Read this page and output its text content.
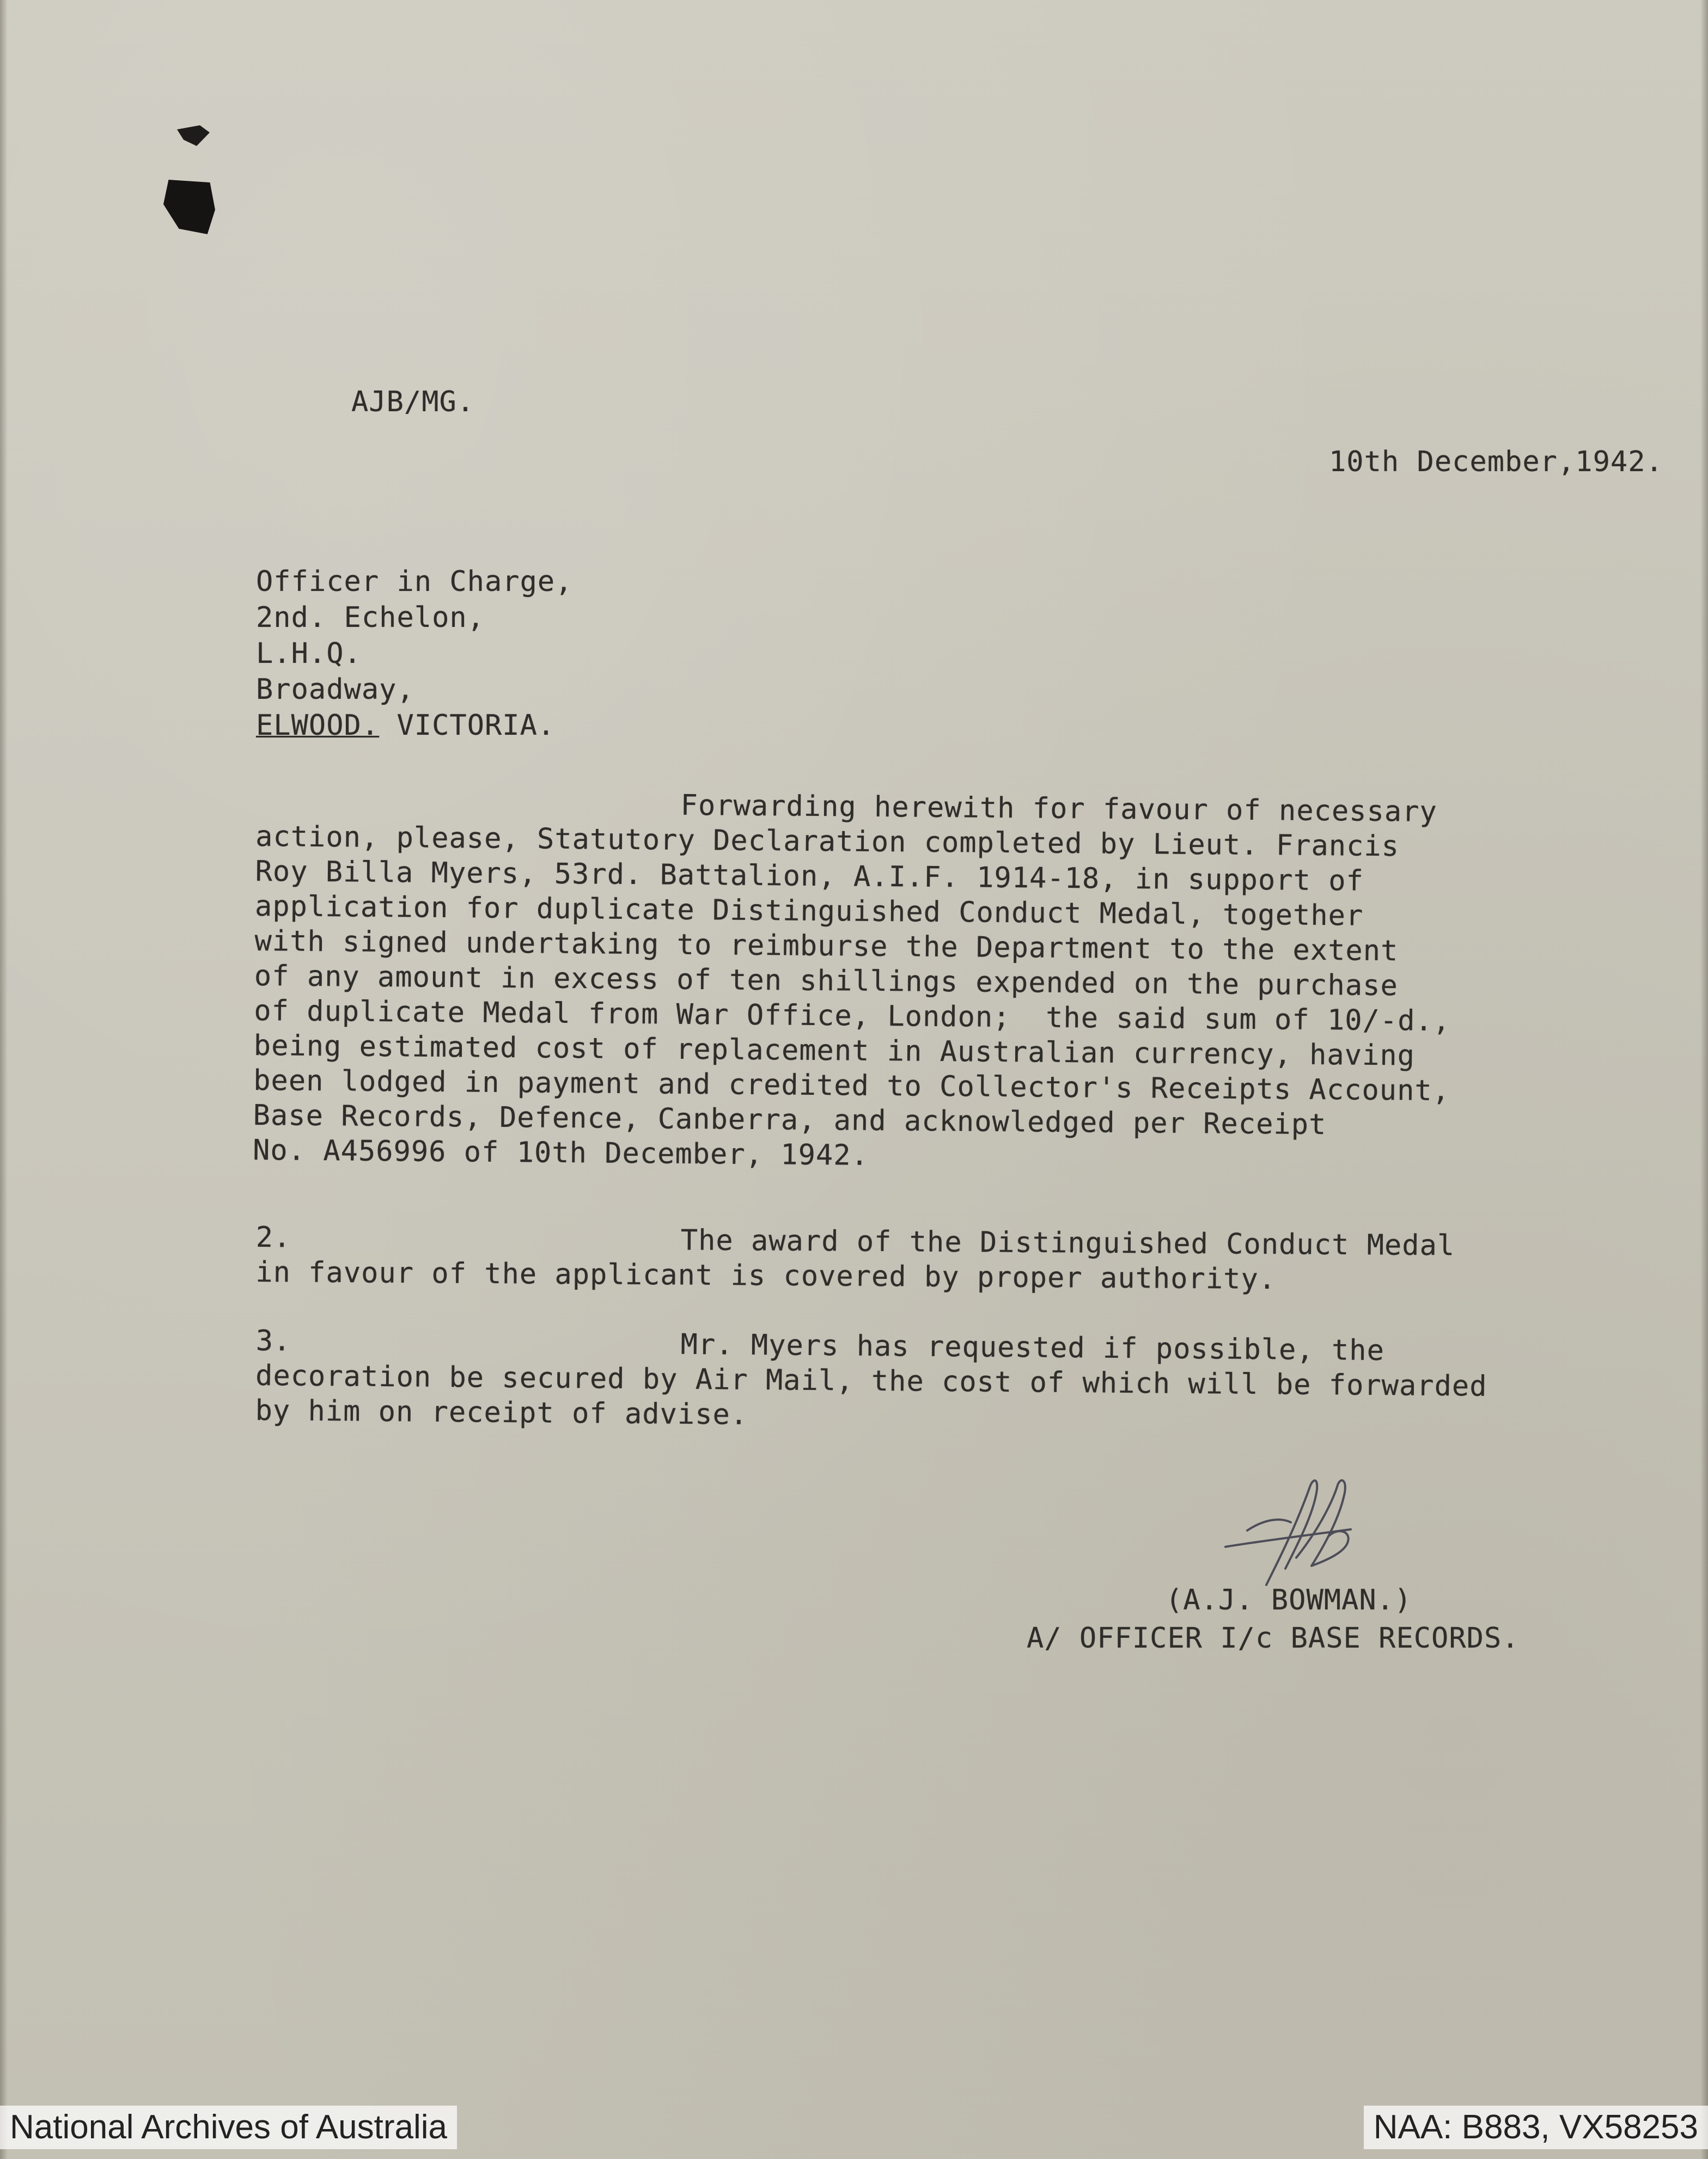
AJB/MG.
10th December,1942.
Officer in Charge,
2nd. Echelon,
L.H.Q.
Broadway,
ELWOOD. VICTORIA.
Forwarding herewith for favour of necessary
action, please, Statutory Declaration completed by Lieut. Francis
Roy Billa Myers, 53rd. Battalion, A.I.F. 1914-18, in support of
application for duplicate Distinguished Conduct Medal, together
with signed undertaking to reimburse the Department to the extent
of any amount in excess of ten shillings expended on the purchase
of duplicate Medal from War Office, London;  the said sum of 10/-d.,
being estimated cost of replacement in Australian currency, having
been lodged in payment and credited to Collector's Receipts Account,
Base Records, Defence, Canberra, and acknowledged per Receipt
No. A456996 of 10th December, 1942.
2.	The award of the Distinguished Conduct Medal
in favour of the applicant is covered by proper authority.
3.	Mr. Myers has requested if possible, the
decoration be secured by Air Mail, the cost of which will be forwarded
by him on receipt of advise.
(A.J. BOWMAN.)
A/ OFFICER I/c BASE RECORDS.
National Archives of Australia	NAA: B883, VX58253
